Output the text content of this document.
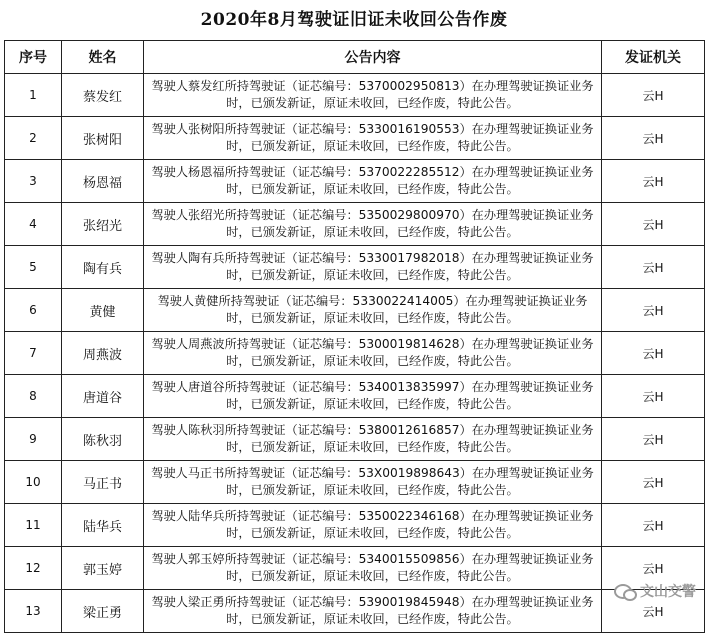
2020年8月驾驶证旧证未收回公告作废
序号	姓名	公告内容	发证机关
1	蔡发红	驾驶人蔡发红所持驾驶证（证芯编号：5370002950813）在办理驾驶证换证业务时，已颁发新证，原证未收回，已经作废，特此公告。	云H
2	张树阳	驾驶人张树阳所持驾驶证（证芯编号：5330016190553）在办理驾驶证换证业务时，已颁发新证，原证未收回，已经作废，特此公告。	云H
3	杨恩福	驾驶人杨恩福所持驾驶证（证芯编号：5370022285512）在办理驾驶证换证业务时，已颁发新证，原证未收回，已经作废，特此公告。	云H
4	张绍光	驾驶人张绍光所持驾驶证（证芯编号：5350029800970）在办理驾驶证换证业务时，已颁发新证，原证未收回，已经作废，特此公告。	云H
5	陶有兵	驾驶人陶有兵所持驾驶证（证芯编号：5330017982018）在办理驾驶证换证业务时，已颁发新证，原证未收回，已经作废，特此公告。	云H
6	黄健	驾驶人黄健所持驾驶证（证芯编号：5330022414005）在办理驾驶证换证业务时，已颁发新证，原证未收回，已经作废，特此公告。	云H
7	周燕波	驾驶人周燕波所持驾驶证（证芯编号：5300019814628）在办理驾驶证换证业务时，已颁发新证，原证未收回，已经作废，特此公告。	云H
8	唐道谷	驾驶人唐道谷所持驾驶证（证芯编号：5340013835997）在办理驾驶证换证业务时，已颁发新证，原证未收回，已经作废，特此公告。	云H
9	陈秋羽	驾驶人陈秋羽所持驾驶证（证芯编号：5380012616857）在办理驾驶证换证业务时，已颁发新证，原证未收回，已经作废，特此公告。	云H
10	马正书	驾驶人马正书所持驾驶证（证芯编号：53X0019898643）在办理驾驶证换证业务时，已颁发新证，原证未收回，已经作废，特此公告。	云H
11	陆华兵	驾驶人陆华兵所持驾驶证（证芯编号：5350022346168）在办理驾驶证换证业务时，已颁发新证，原证未收回，已经作废，特此公告。	云H
12	郭玉婷	驾驶人郭玉婷所持驾驶证（证芯编号：5340015509856）在办理驾驶证换证业务时，已颁发新证，原证未收回，已经作废，特此公告。	云H
13	梁正勇	驾驶人梁正勇所持驾驶证（证芯编号：5390019845948）在办理驾驶证换证业务时，已颁发新证，原证未收回，已经作废，特此公告。	云H
文山交警
